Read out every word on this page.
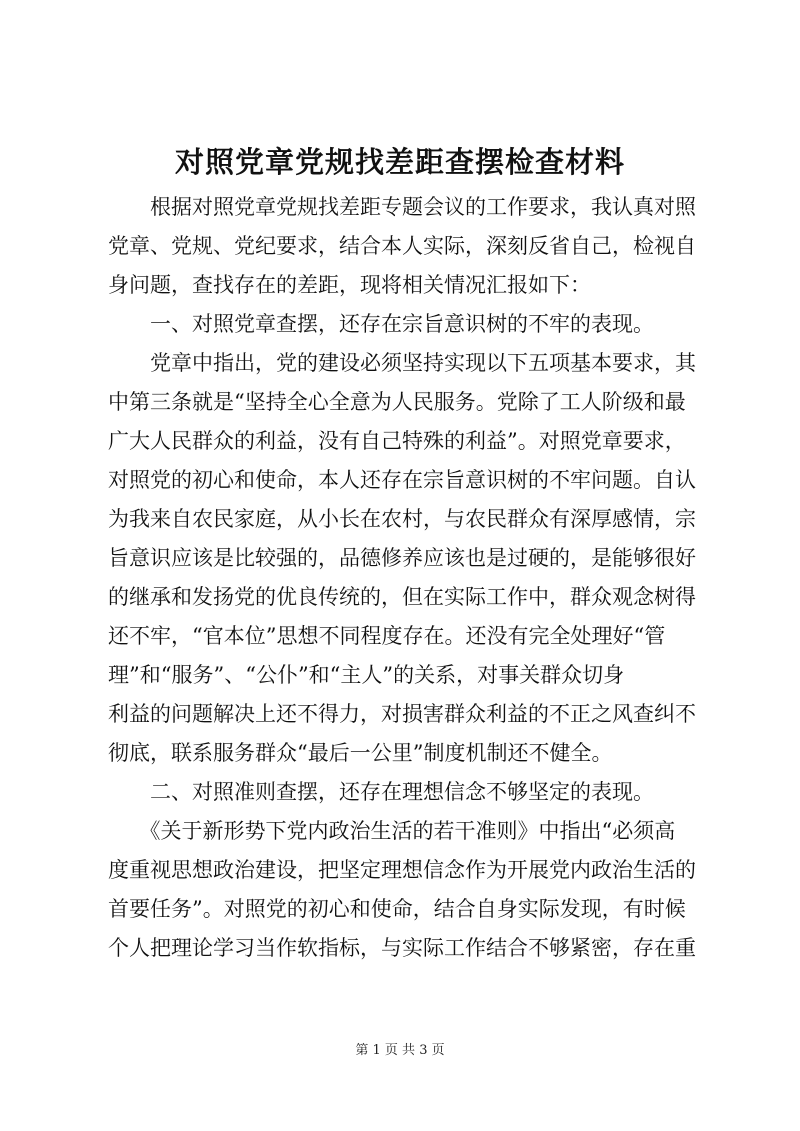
对照党章党规找差距查摆检查材料
　　根据对照党章党规找差距专题会议的工作要求，我认真对照
党章、党规、党纪要求，结合本人实际，深刻反省自己，检视自
身问题，查找存在的差距，现将相关情况汇报如下：
　　一、对照党章查摆，还存在宗旨意识树的不牢的表现。
　　党章中指出，党的建设必须坚持实现以下五项基本要求，其
中第三条就是“坚持全心全意为人民服务。党除了工人阶级和最
广大人民群众的利益，没有自己特殊的利益”。对照党章要求，
对照党的初心和使命，本人还存在宗旨意识树的不牢问题。自认
为我来自农民家庭，从小长在农村，与农民群众有深厚感情，宗
旨意识应该是比较强的，品德修养应该也是过硬的，是能够很好
的继承和发扬党的优良传统的，但在实际工作中，群众观念树得
还不牢，“官本位”思想不同程度存在。还没有完全处理好“管
理”和“服务”、“公仆”和“主人”的关系，对事关群众切身
利益的问题解决上还不得力，对损害群众利益的不正之风查纠不
彻底，联系服务群众“最后一公里”制度机制还不健全。
　　二、对照准则查摆，还存在理想信念不够坚定的表现。
　　《关于新形势下党内政治生活的若干准则》中指出“必须高
度重视思想政治建设，把坚定理想信念作为开展党内政治生活的
首要任务”。对照党的初心和使命，结合自身实际发现，有时候
个人把理论学习当作软指标，与实际工作结合不够紧密，存在重
第 1 页 共 3 页
